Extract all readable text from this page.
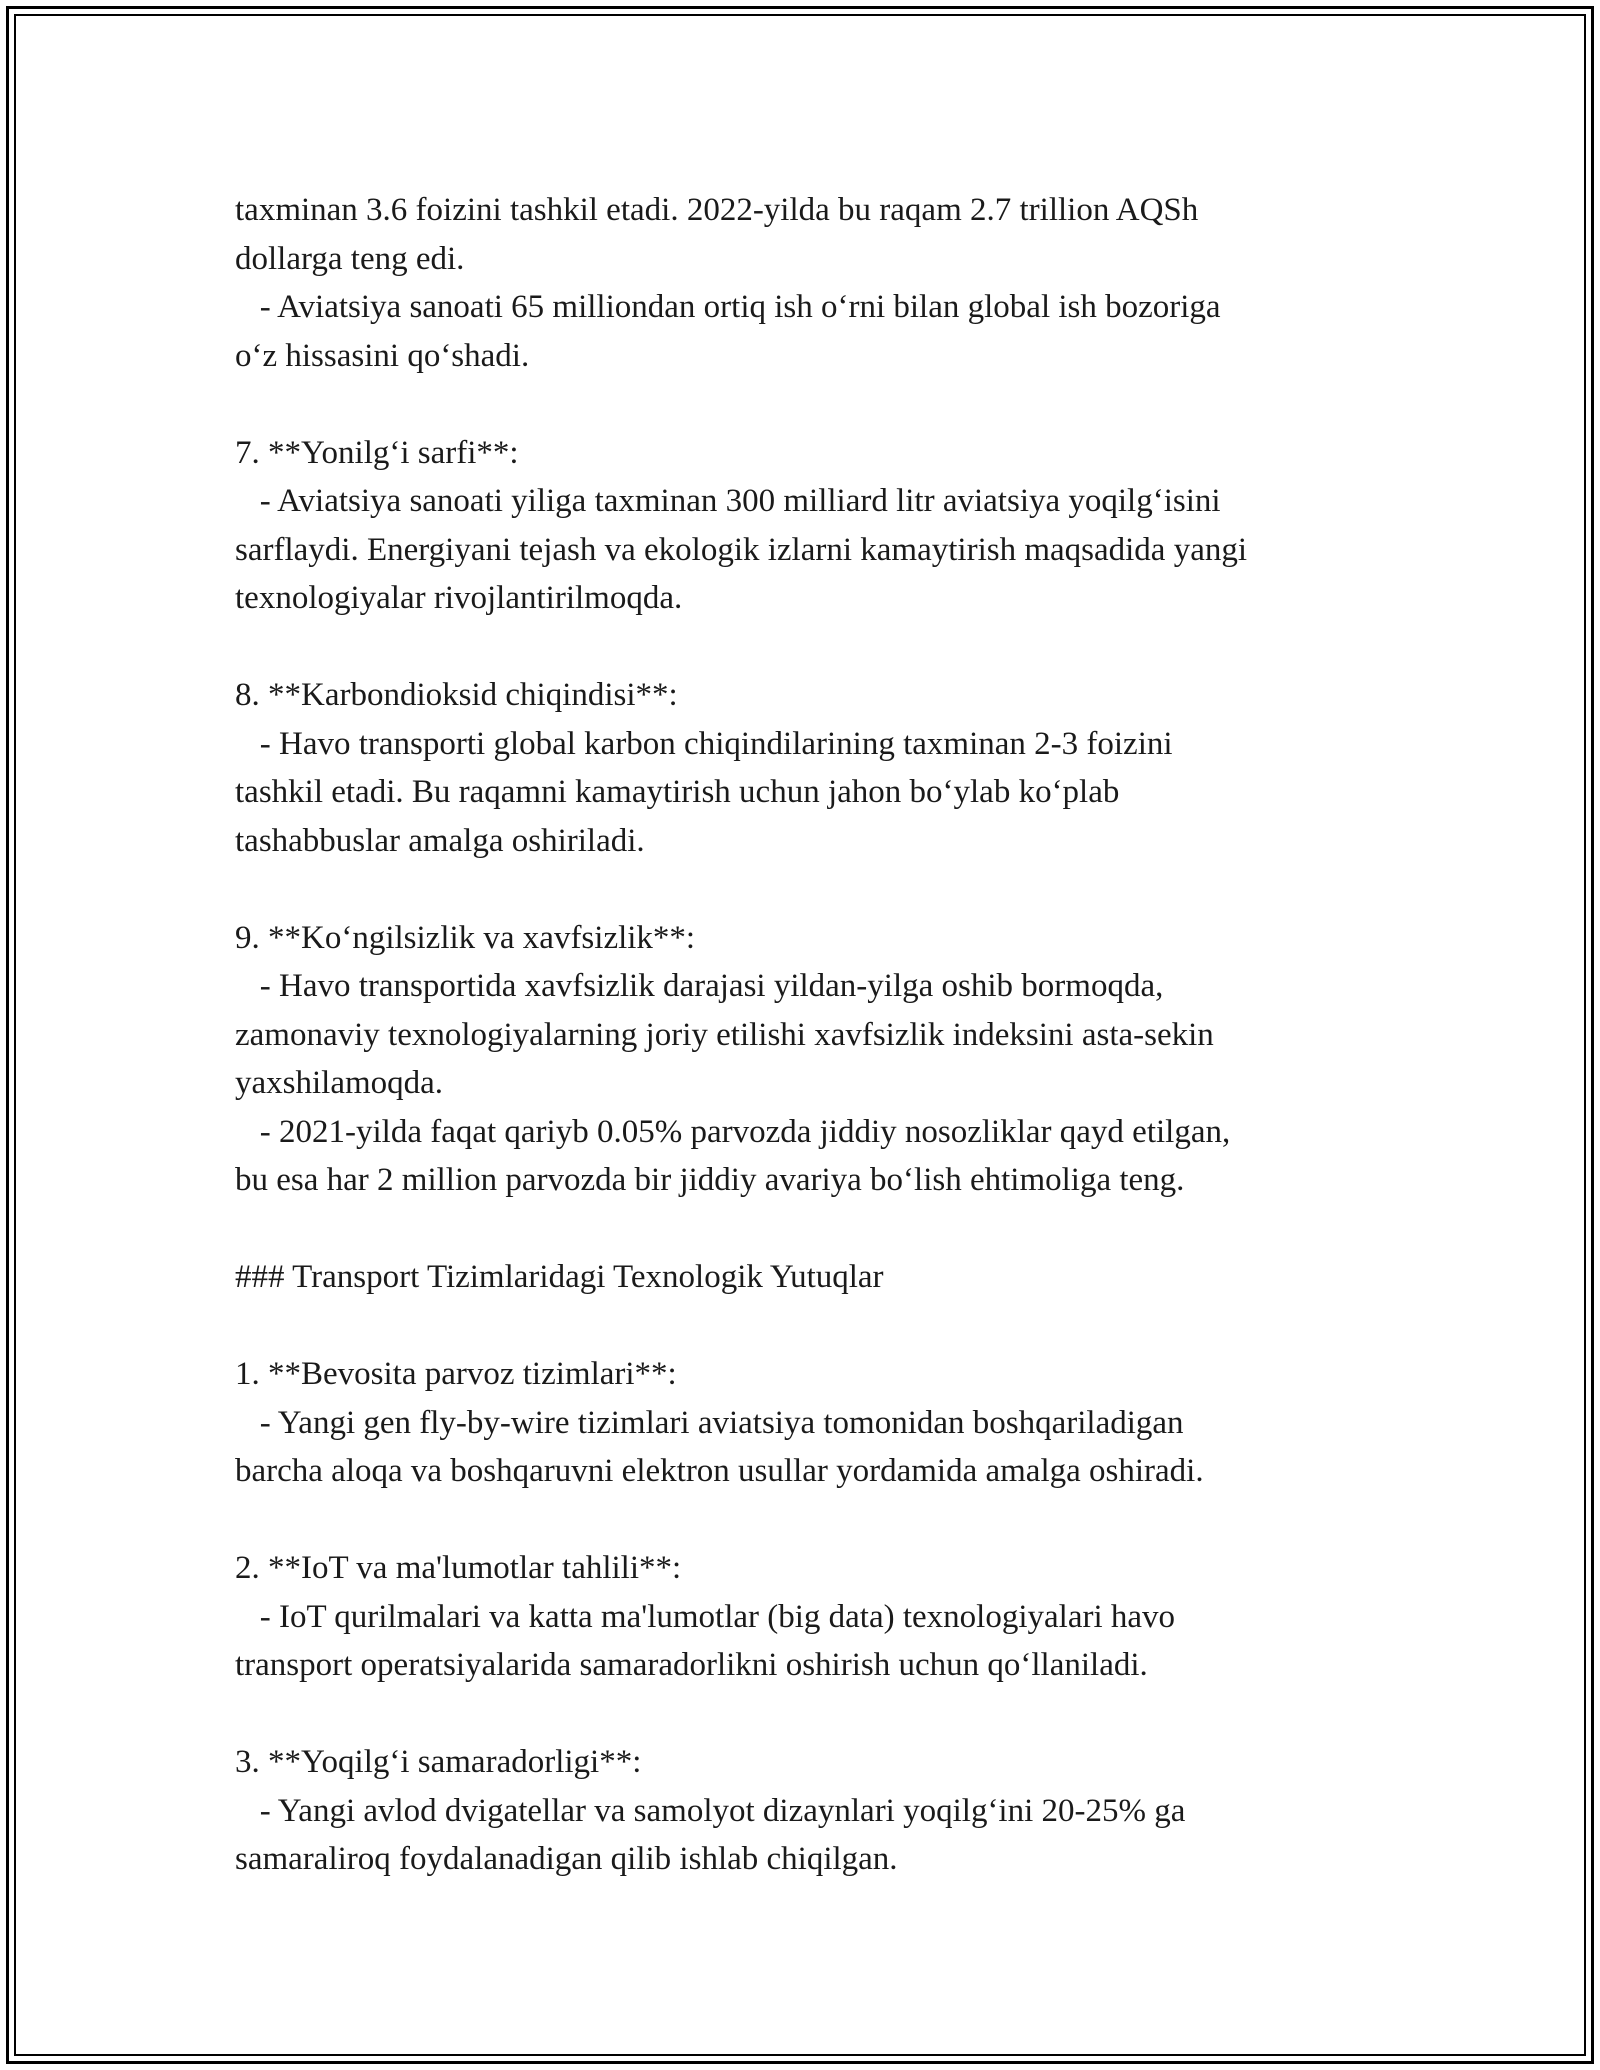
taxminan 3.6 foizini tashkil etadi. 2022-yilda bu raqam 2.7 trillion AQSh

dollarga teng edi.

- Aviatsiya sanoati 65 milliondan ortiq ish o‘rni bilan global ish bozoriga

o‘z hissasini qo‘shadi.

7. **Yonilg‘i sarfi**:

- Aviatsiya sanoati yiliga taxminan 300 milliard litr aviatsiya yoqilg‘isini

sarflaydi. Energiyani tejash va ekologik izlarni kamaytirish maqsadida yangi

texnologiyalar rivojlantirilmoqda.

8. **Karbondioksid chiqindisi**:

- Havo transporti global karbon chiqindilarining taxminan 2-3 foizini

tashkil etadi. Bu raqamni kamaytirish uchun jahon bo‘ylab ko‘plab

tashabbuslar amalga oshiriladi.

9. **Ko‘ngilsizlik va xavfsizlik**:

- Havo transportida xavfsizlik darajasi yildan-yilga oshib bormoqda,

zamonaviy texnologiyalarning joriy etilishi xavfsizlik indeksini asta-sekin

yaxshilamoqda.

- 2021-yilda faqat qariyb 0.05% parvozda jiddiy nosozliklar qayd etilgan,

bu esa har 2 million parvozda bir jiddiy avariya bo‘lish ehtimoliga teng.

### Transport Tizimlaridagi Texnologik Yutuqlar

1. **Bevosita parvoz tizimlari**:

- Yangi gen fly-by-wire tizimlari aviatsiya tomonidan boshqariladigan

barcha aloqa va boshqaruvni elektron usullar yordamida amalga oshiradi.

2. **IoT va ma'lumotlar tahlili**:

- IoT qurilmalari va katta ma'lumotlar (big data) texnologiyalari havo

transport operatsiyalarida samaradorlikni oshirish uchun qo‘llaniladi.

3. **Yoqilg‘i samaradorligi**:

- Yangi avlod dvigatellar va samolyot dizaynlari yoqilg‘ini 20-25% ga

samaraliroq foydalanadigan qilib ishlab chiqilgan.
